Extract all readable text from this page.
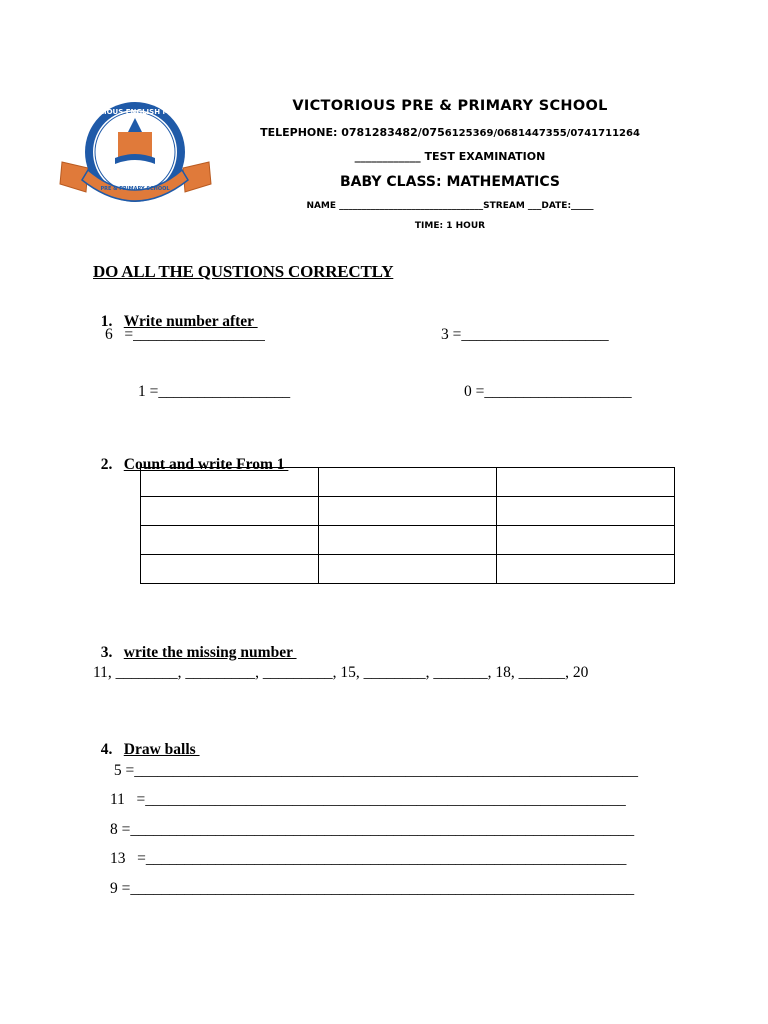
VICTORIOUS ENGLISH MEDIUM
PRE & PRIMARY SCHOOL
VICTORIOUS PRE & PRIMARY SCHOOL
TELEPHONE: 0781283482/0756125369/0681447355/0741711264
____________ TEST EXAMINATION
BABY CLASS: MATHEMATICS
NAME ________________________________STREAM ___DATE:_____
TIME: 1 HOUR
DO ALL THE QUSTIONS CORRECTLY

1. Write number after

6   =_________________	3 =___________________
1 =_________________	0 =___________________

2. Count and write From 1

3. write the missing number

11, ________, _________, _________, 15, ________, _______, 18, ______, 20

4. Draw balls

5 =_________________________________________________________________
11   =______________________________________________________________
8 =_________________________________________________________________
13   =______________________________________________________________
9 =_________________________________________________________________
